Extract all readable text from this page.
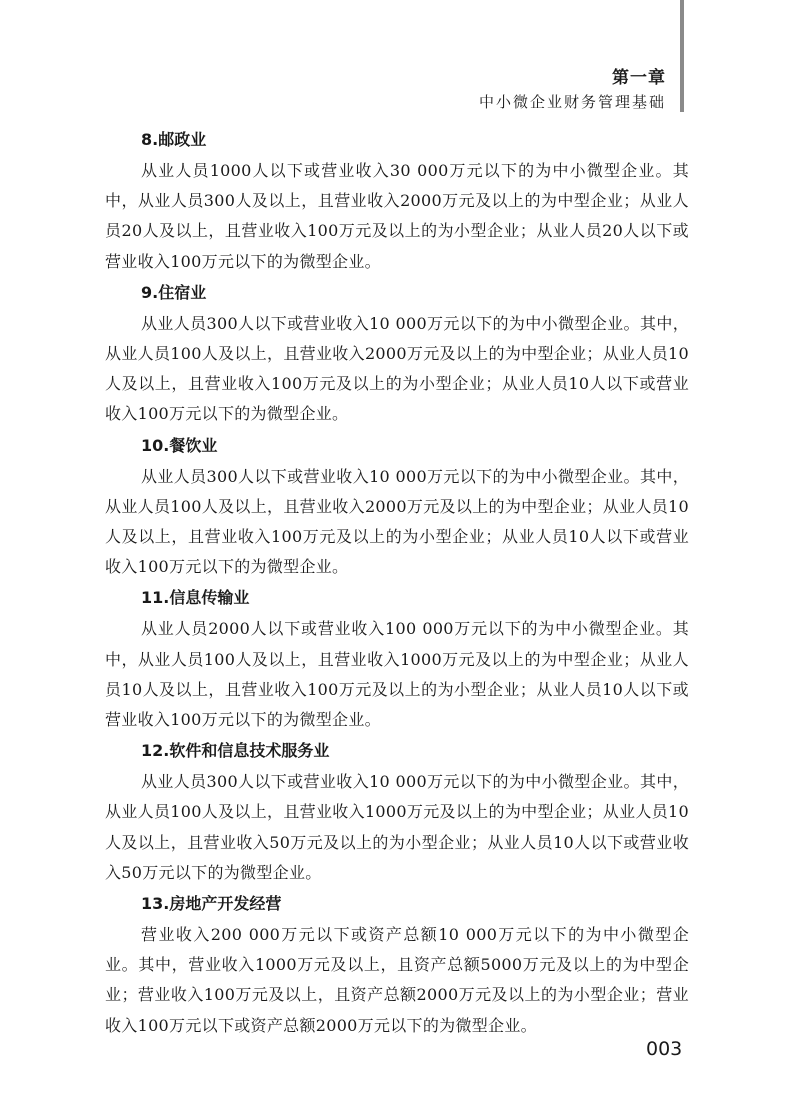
第一章
中小微企业财务管理基础
8.邮政业

从业人员1000人以下或营业收入30 000万元以下的为中小微型企业。其中，从业人员300人及以上，且营业收入2000万元及以上的为中型企业；从业人员20人及以上，且营业收入100万元及以上的为小型企业；从业人员20人以下或营业收入100万元以下的为微型企业。

9.住宿业

从业人员300人以下或营业收入10 000万元以下的为中小微型企业。其中，从业人员100人及以上，且营业收入2000万元及以上的为中型企业；从业人员10人及以上，且营业收入100万元及以上的为小型企业；从业人员10人以下或营业收入100万元以下的为微型企业。

10.餐饮业

从业人员300人以下或营业收入10 000万元以下的为中小微型企业。其中，从业人员100人及以上，且营业收入2000万元及以上的为中型企业；从业人员10人及以上，且营业收入100万元及以上的为小型企业；从业人员10人以下或营业收入100万元以下的为微型企业。

11.信息传输业

从业人员2000人以下或营业收入100 000万元以下的为中小微型企业。其中，从业人员100人及以上，且营业收入1000万元及以上的为中型企业；从业人员10人及以上，且营业收入100万元及以上的为小型企业；从业人员10人以下或营业收入100万元以下的为微型企业。

12.软件和信息技术服务业

从业人员300人以下或营业收入10 000万元以下的为中小微型企业。其中，从业人员100人及以上，且营业收入1000万元及以上的为中型企业；从业人员10人及以上，且营业收入50万元及以上的为小型企业；从业人员10人以下或营业收入50万元以下的为微型企业。

13.房地产开发经营

营业收入200 000万元以下或资产总额10 000万元以下的为中小微型企业。其中，营业收入1000万元及以上，且资产总额5000万元及以上的为中型企业；营业收入100万元及以上，且资产总额2000万元及以上的为小型企业；营业收入100万元以下或资产总额2000万元以下的为微型企业。

003
